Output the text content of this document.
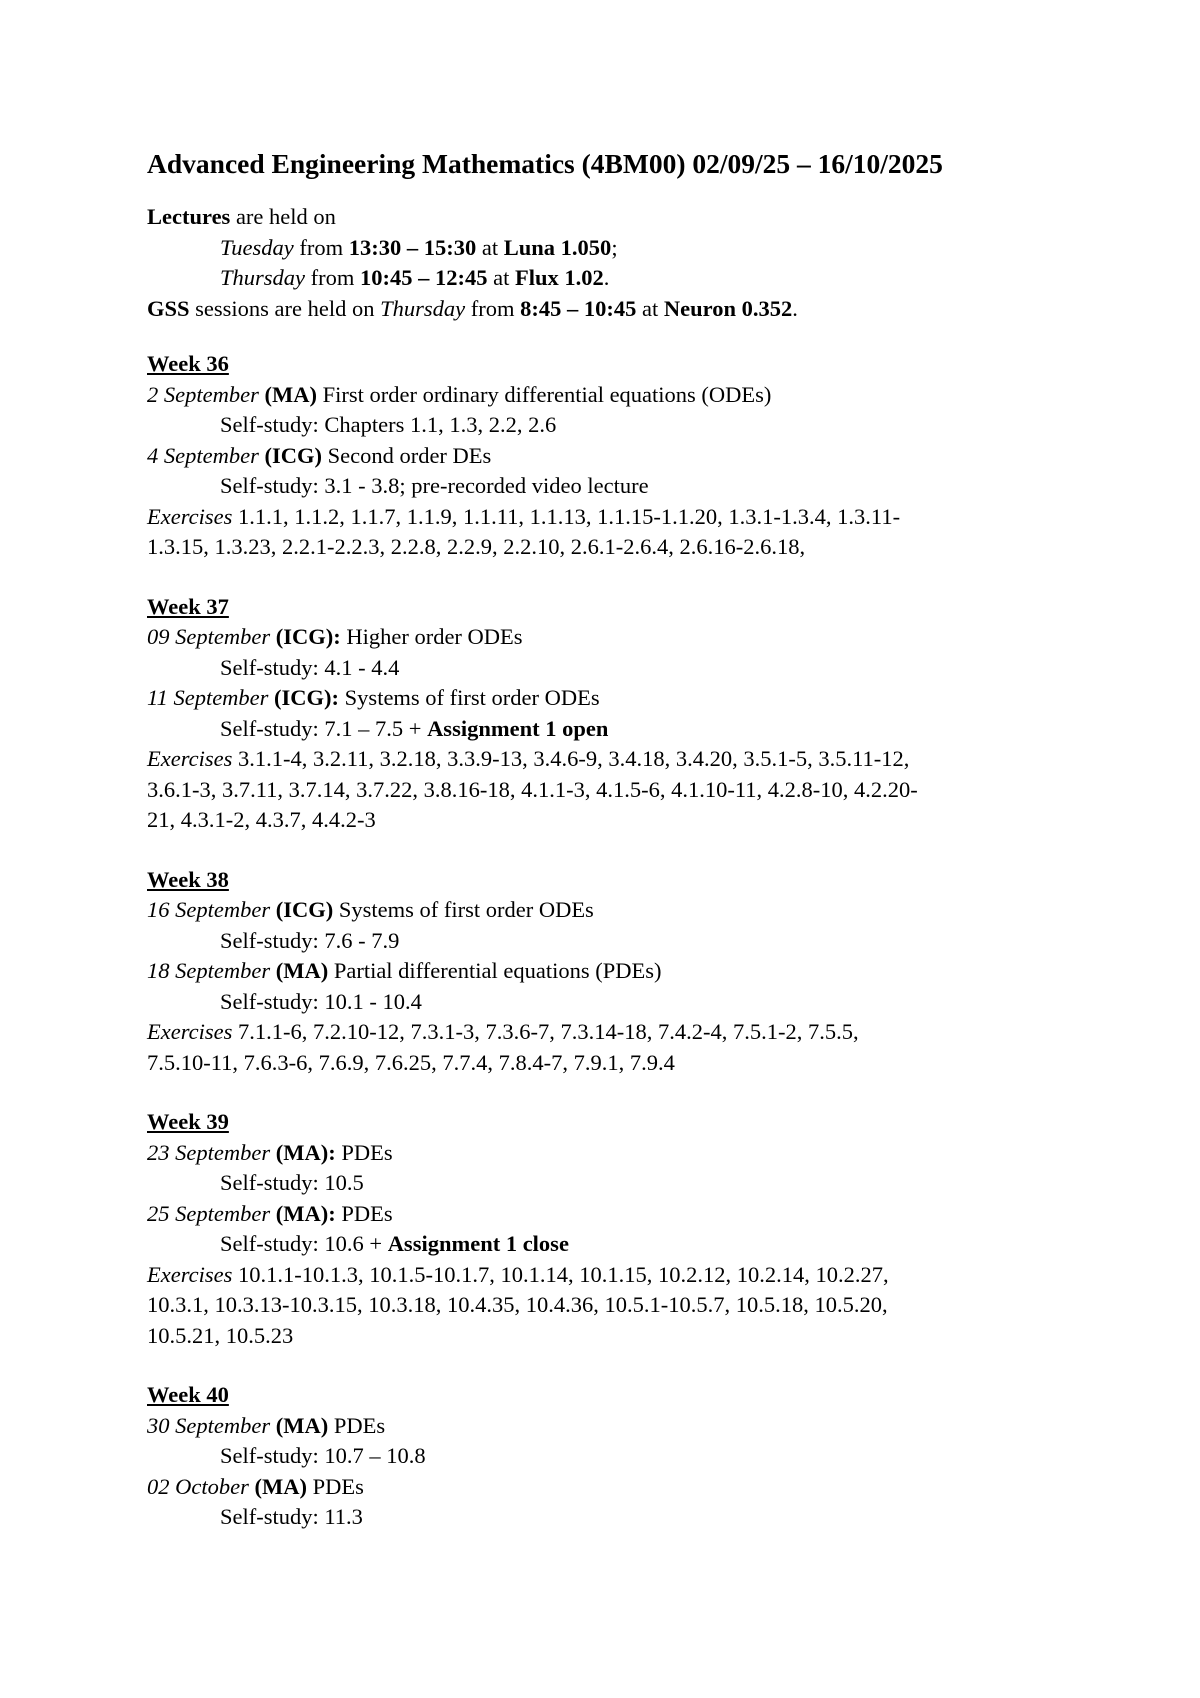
Advanced Engineering Mathematics (4BM00) 02/09/25 – 16/10/2025
Lectures are held on
Tuesday from 13:30 – 15:30 at Luna 1.050;
Thursday from 10:45 – 12:45 at Flux 1.02.
GSS sessions are held on Thursday from 8:45 – 10:45 at Neuron 0.352.
Week 36
2 September (MA) First order ordinary differential equations (ODEs)
Self-study: Chapters 1.1, 1.3, 2.2, 2.6
4 September (ICG) Second order DEs
Self-study: 3.1 - 3.8; pre-recorded video lecture
Exercises 1.1.1, 1.1.2, 1.1.7, 1.1.9, 1.1.11, 1.1.13, 1.1.15-1.1.20, 1.3.1-1.3.4, 1.3.11-
1.3.15, 1.3.23, 2.2.1-2.2.3, 2.2.8, 2.2.9, 2.2.10, 2.6.1-2.6.4, 2.6.16-2.6.18,
Week 37
09 September (ICG): Higher order ODEs
Self-study: 4.1 - 4.4
11 September (ICG): Systems of first order ODEs
Self-study: 7.1 – 7.5 + Assignment 1 open
Exercises 3.1.1-4, 3.2.11, 3.2.18, 3.3.9-13, 3.4.6-9, 3.4.18, 3.4.20, 3.5.1-5, 3.5.11-12,
3.6.1-3, 3.7.11, 3.7.14, 3.7.22, 3.8.16-18, 4.1.1-3, 4.1.5-6, 4.1.10-11, 4.2.8-10, 4.2.20-
21, 4.3.1-2, 4.3.7, 4.4.2-3
Week 38
16 September (ICG) Systems of first order ODEs
Self-study: 7.6 - 7.9
18 September (MA) Partial differential equations (PDEs)
Self-study: 10.1 - 10.4
Exercises 7.1.1-6, 7.2.10-12, 7.3.1-3, 7.3.6-7, 7.3.14-18, 7.4.2-4, 7.5.1-2, 7.5.5,
7.5.10-11, 7.6.3-6, 7.6.9, 7.6.25, 7.7.4, 7.8.4-7, 7.9.1, 7.9.4
Week 39
23 September (MA): PDEs
Self-study: 10.5
25 September (MA): PDEs
Self-study: 10.6 + Assignment 1 close
Exercises 10.1.1-10.1.3, 10.1.5-10.1.7, 10.1.14, 10.1.15, 10.2.12, 10.2.14, 10.2.27,
10.3.1, 10.3.13-10.3.15, 10.3.18, 10.4.35, 10.4.36, 10.5.1-10.5.7, 10.5.18, 10.5.20,
10.5.21, 10.5.23
Week 40
30 September (MA) PDEs
Self-study: 10.7 – 10.8
02 October (MA) PDEs
Self-study: 11.3
